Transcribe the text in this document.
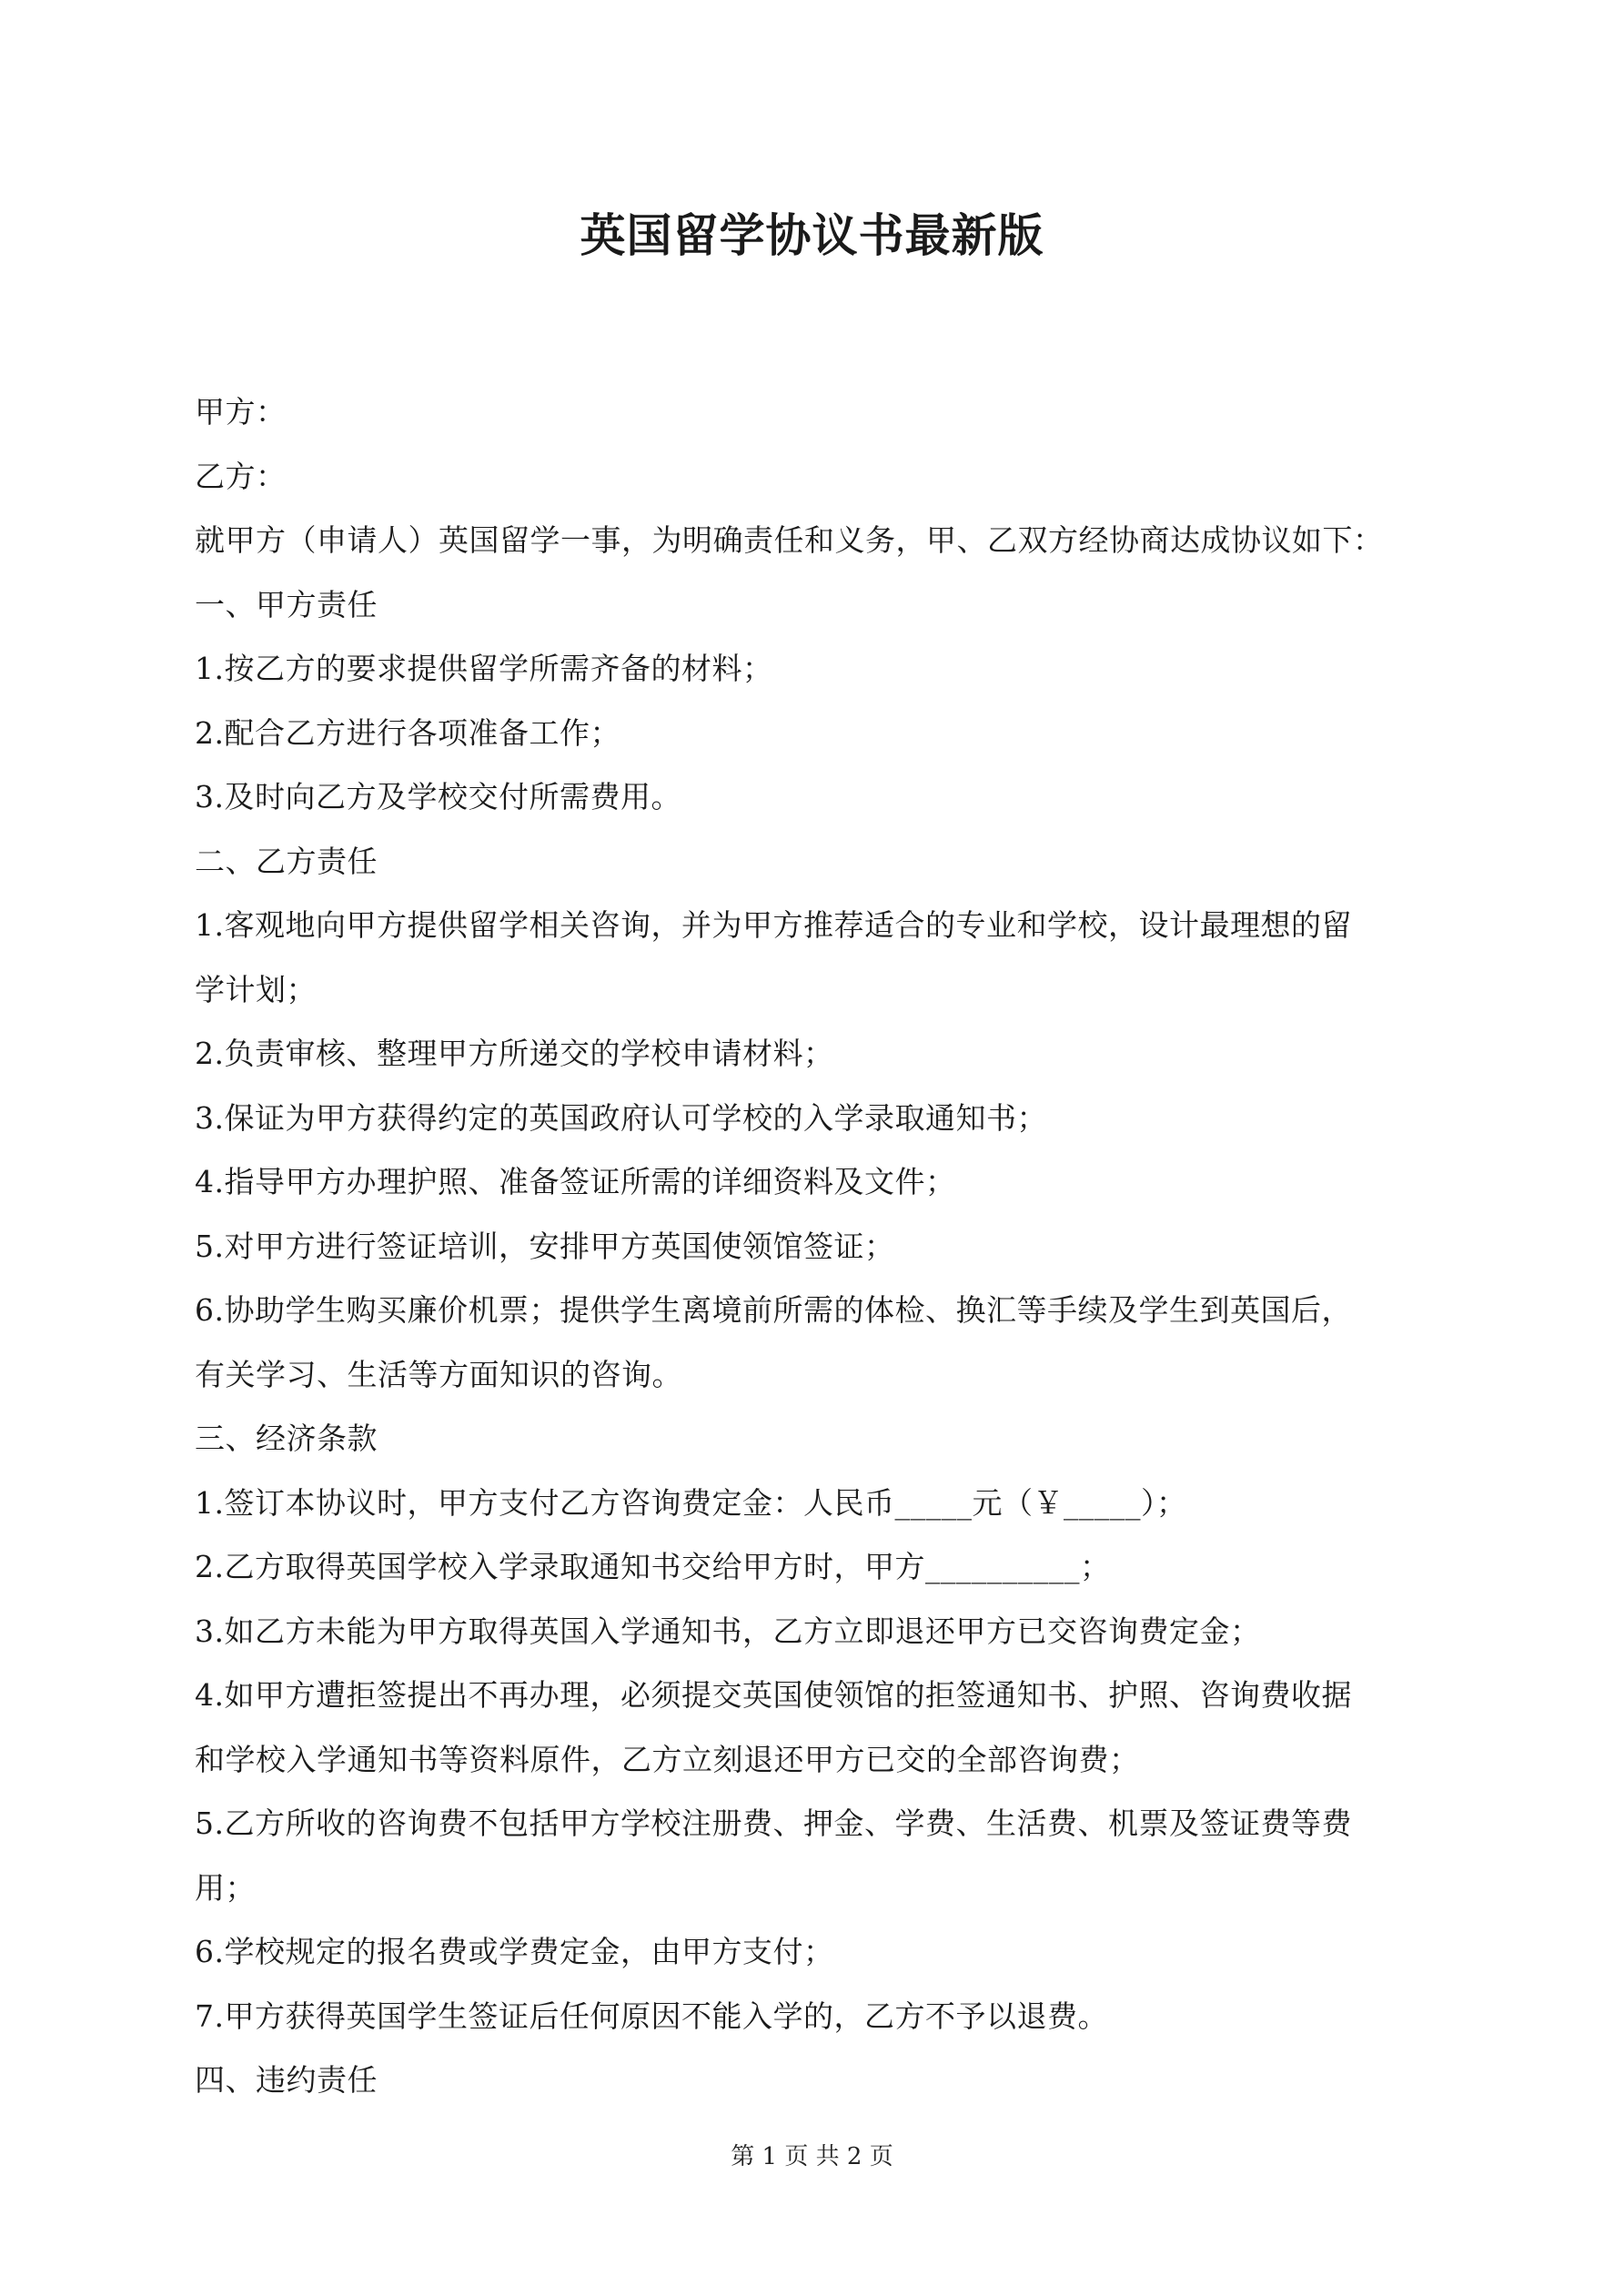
英国留学协议书最新版
甲方：
乙方：
就甲方（申请人）英国留学一事，为明确责任和义务，甲、乙双方经协商达成协议如下：
一、甲方责任
1.按乙方的要求提供留学所需齐备的材料；
2.配合乙方进行各项准备工作；
3.及时向乙方及学校交付所需费用。
二、乙方责任
1.客观地向甲方提供留学相关咨询，并为甲方推荐适合的专业和学校，设计最理想的留
学计划；
2.负责审核、整理甲方所递交的学校申请材料；
3.保证为甲方获得约定的英国政府认可学校的入学录取通知书；
4.指导甲方办理护照、准备签证所需的详细资料及文件；
5.对甲方进行签证培训，安排甲方英国使领馆签证；
6.协助学生购买廉价机票；提供学生离境前所需的体检、换汇等手续及学生到英国后，
有关学习、生活等方面知识的咨询。
三、经济条款
1.签订本协议时，甲方支付乙方咨询费定金：人民币_____元（￥_____）；
2.乙方取得英国学校入学录取通知书交给甲方时，甲方__________；
3.如乙方未能为甲方取得英国入学通知书，乙方立即退还甲方已交咨询费定金；
4.如甲方遭拒签提出不再办理，必须提交英国使领馆的拒签通知书、护照、咨询费收据
和学校入学通知书等资料原件，乙方立刻退还甲方已交的全部咨询费；
5.乙方所收的咨询费不包括甲方学校注册费、押金、学费、生活费、机票及签证费等费
用；
6.学校规定的报名费或学费定金，由甲方支付；
7.甲方获得英国学生签证后任何原因不能入学的，乙方不予以退费。
四、违约责任
第 1 页 共 2 页
